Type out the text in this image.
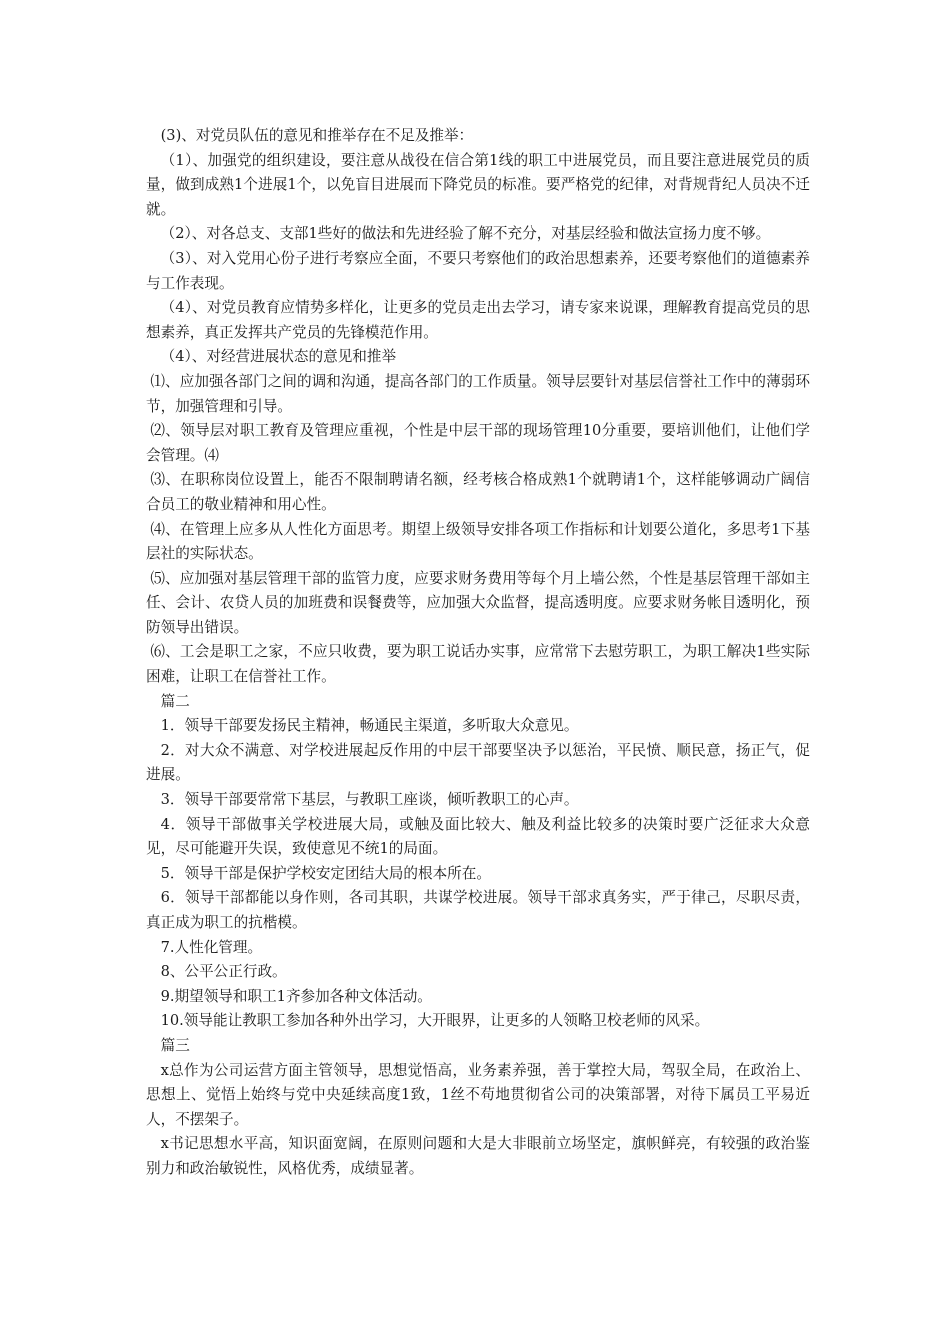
(3)、对党员队伍的意见和推举存在不足及推举：

（1）、加强党的组织建设，要注意从战役在信合第1线的职工中进展党员，而且要注意进展党员的质量，做到成熟1个进展1个，以免盲目进展而下降党员的标准。要严格党的纪律，对背规背纪人员决不迁就。

（2）、对各总支、支部1些好的做法和先进经验了解不充分，对基层经验和做法宣扬力度不够。

（3）、对入党用心份子进行考察应全面，不要只考察他们的政治思想素养，还要考察他们的道德素养与工作表现。

（4）、对党员教育应情势多样化，让更多的党员走出去学习，请专家来说课，理解教育提高党员的思想素养，真正发挥共产党员的先锋模范作用。

（4）、对经营进展状态的意见和推举

⑴、应加强各部门之间的调和沟通，提高各部门的工作质量。领导层要针对基层信誉社工作中的薄弱环节，加强管理和引导。

⑵、领导层对职工教育及管理应重视，个性是中层干部的现场管理10分重要，要培训他们，让他们学会管理。⑷

⑶、在职称岗位设置上，能否不限制聘请名额，经考核合格成熟1个就聘请1个，这样能够调动广阔信合员工的敬业精神和用心性。

⑷、在管理上应多从人性化方面思考。期望上级领导安排各项工作指标和计划要公道化，多思考1下基层社的实际状态。

⑸、应加强对基层管理干部的监管力度，应要求财务费用等每个月上墙公然，个性是基层管理干部如主任、会计、农贷人员的加班费和误餐费等，应加强大众监督，提高透明度。应要求财务帐目透明化，预防领导出错误。

⑹、工会是职工之家，不应只收费，要为职工说话办实事，应常常下去慰劳职工，为职工解决1些实际困难，让职工在信誉社工作。

篇二

1．领导干部要发扬民主精神，畅通民主渠道，多听取大众意见。

2．对大众不满意、对学校进展起反作用的中层干部要坚决予以惩治，平民愤、顺民意，扬正气，促进展。

3．领导干部要常常下基层，与教职工座谈，倾听教职工的心声。

4．领导干部做事关学校进展大局，或触及面比较大、触及利益比较多的决策时要广泛征求大众意见，尽可能避开失误，致使意见不统1的局面。

5．领导干部是保护学校安定团结大局的根本所在。

6．领导干部都能以身作则，各司其职，共谋学校进展。领导干部求真务实，严于律己，尽职尽责，真正成为职工的抗楷模。

7.人性化管理。

8、公平公正行政。

9.期望领导和职工1齐参加各种文体活动。

10.领导能让教职工参加各种外出学习，大开眼界，让更多的人领略卫校老师的风采。

篇三

x总作为公司运营方面主管领导，思想觉悟高，业务素养强，善于掌控大局，驾驭全局，在政治上、思想上、觉悟上始终与党中央延续高度1致，1丝不苟地贯彻省公司的决策部署，对待下属员工平易近人，不摆架子。

x书记思想水平高，知识面宽阔，在原则问题和大是大非眼前立场坚定，旗帜鲜亮，有较强的政治鉴别力和政治敏锐性，风格优秀，成绩显著。
